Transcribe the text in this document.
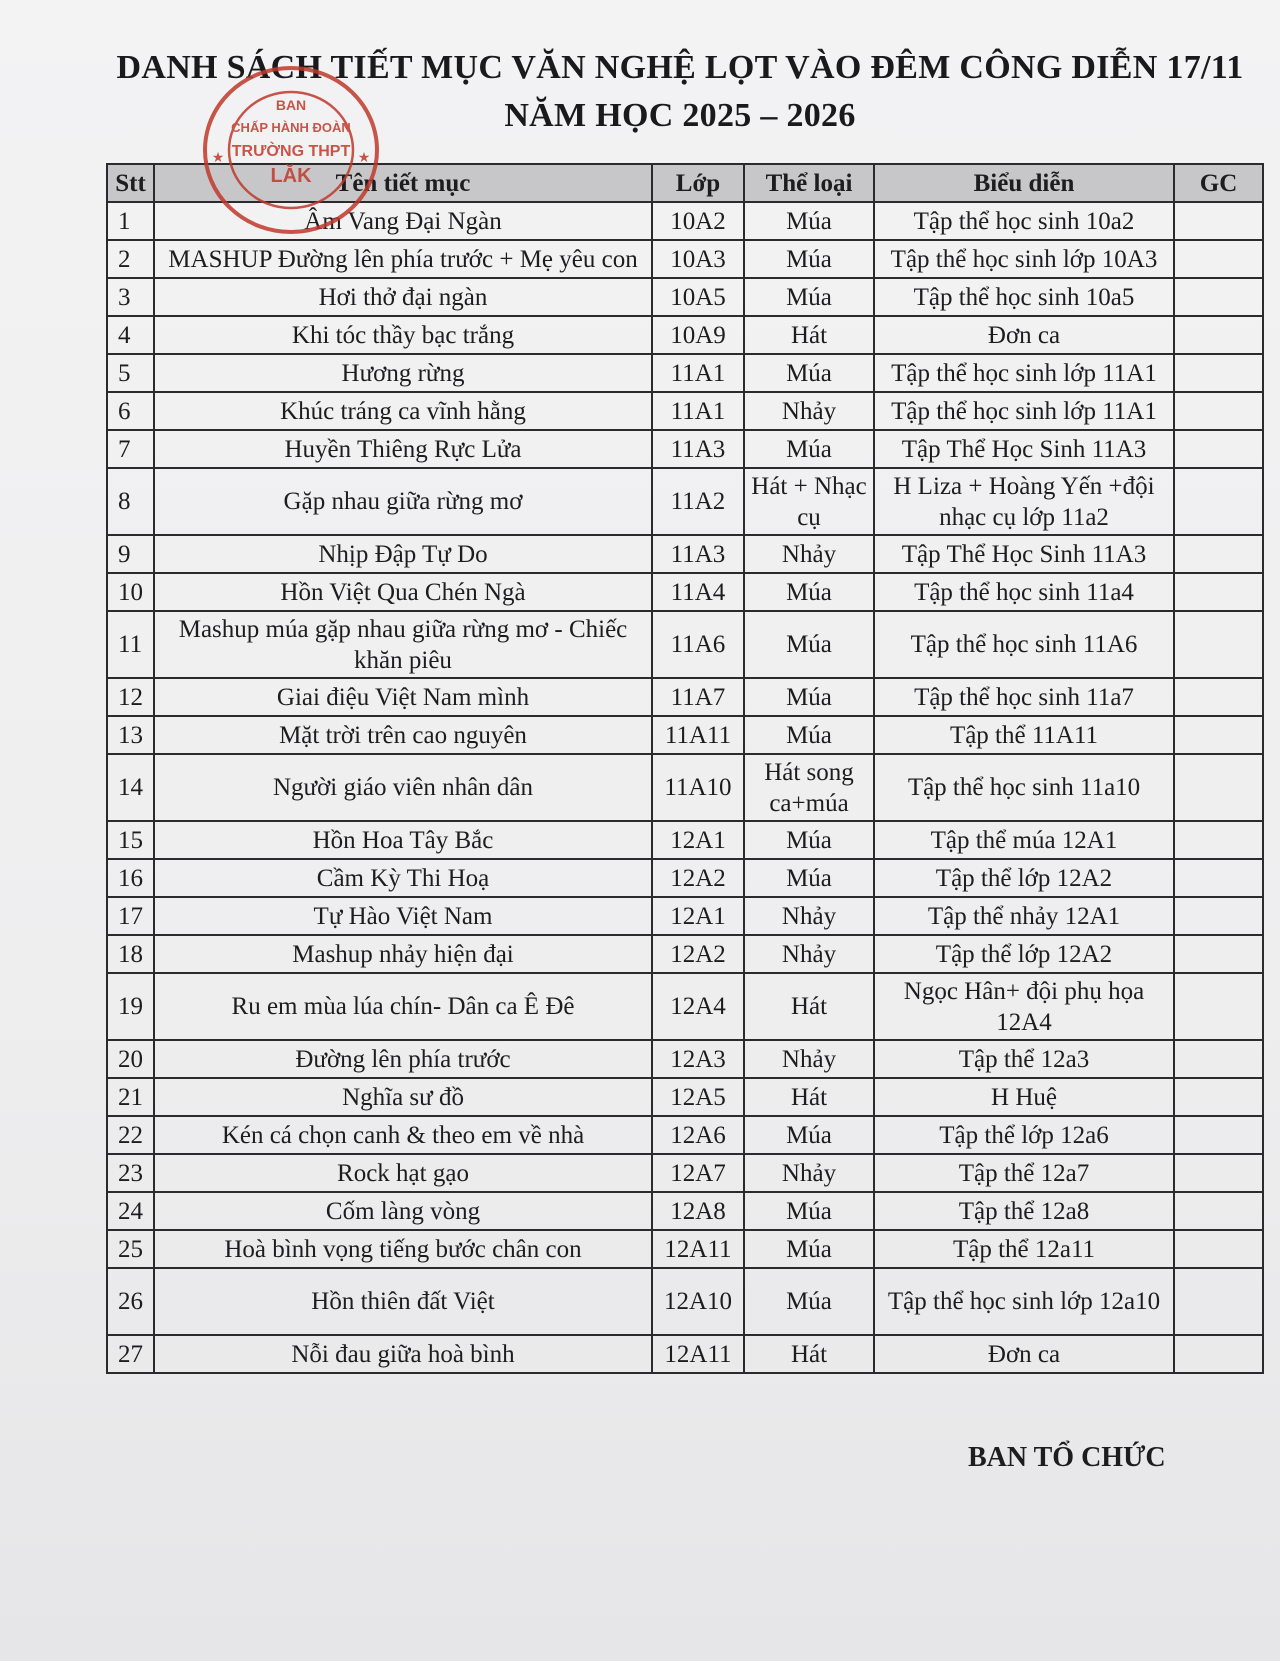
DANH SÁCH TIẾT MỤC VĂN NGHỆ LỌT VÀO ĐÊM CÔNG DIỄN 17/11
NĂM HỌC 2025 – 2026
Stt	Tên tiết mục	Lớp	Thể loại	Biểu diễn	GC
1	Âm Vang Đại Ngàn	10A2	Múa	Tập thể học sinh 10a2	
2	MASHUP Đường lên phía trước + Mẹ yêu con	10A3	Múa	Tập thể học sinh lớp 10A3	
3	Hơi thở đại ngàn	10A5	Múa	Tập thể học sinh 10a5	
4	Khi tóc thầy bạc trắng	10A9	Hát	Đơn ca	
5	Hương rừng	11A1	Múa	Tập thể học sinh lớp 11A1	
6	Khúc tráng ca vĩnh hằng	11A1	Nhảy	Tập thể học sinh lớp 11A1	
7	Huyền Thiêng Rực Lửa	11A3	Múa	Tập Thể Học Sinh 11A3	
8	Gặp nhau giữa rừng mơ	11A2	Hát + Nhạc cụ	H Liza + Hoàng Yến +đội nhạc cụ lớp 11a2	
9	Nhịp Đập Tự Do	11A3	Nhảy	Tập Thể Học Sinh 11A3	
10	Hồn Việt Qua Chén Ngà	11A4	Múa	Tập thể học sinh 11a4	
11	Mashup múa gặp nhau giữa rừng mơ - Chiếc khăn piêu	11A6	Múa	Tập thể học sinh 11A6	
12	Giai điệu Việt Nam mình	11A7	Múa	Tập thể học sinh 11a7	
13	Mặt trời trên cao nguyên	11A11	Múa	Tập thể 11A11	
14	Người giáo viên nhân dân	11A10	Hát song ca+múa	Tập thể học sinh 11a10	
15	Hồn Hoa Tây Bắc	12A1	Múa	Tập thể múa 12A1	
16	Cầm Kỳ Thi Hoạ	12A2	Múa	Tập thể lớp 12A2	
17	Tự Hào Việt Nam	12A1	Nhảy	Tập thể nhảy 12A1	
18	Mashup nhảy hiện đại	12A2	Nhảy	Tập thể lớp 12A2	
19	Ru em mùa lúa chín- Dân ca Ê Đê	12A4	Hát	Ngọc Hân+ đội phụ họa 12A4	
20	Đường lên phía trước	12A3	Nhảy	Tập thể 12a3	
21	Nghĩa sư đồ	12A5	Hát	H Huệ	
22	Kén cá chọn canh & theo em về nhà	12A6	Múa	Tập thể lớp 12a6	
23	Rock hạt gạo	12A7	Nhảy	Tập thể 12a7	
24	Cốm làng vòng	12A8	Múa	Tập thể 12a8	
25	Hoà bình vọng tiếng bước chân con	12A11	Múa	Tập thể 12a11	
26	Hồn thiên đất Việt	12A10	Múa	Tập thể học sinh lớp 12a10	
27	Nỗi đau giữa hoà bình	12A11	Hát	Đơn ca	
BAN TỔ CHỨC
BAN
CHẤP HÀNH ĐOÀN
TRƯỜNG THPT
LĂK
★	★
